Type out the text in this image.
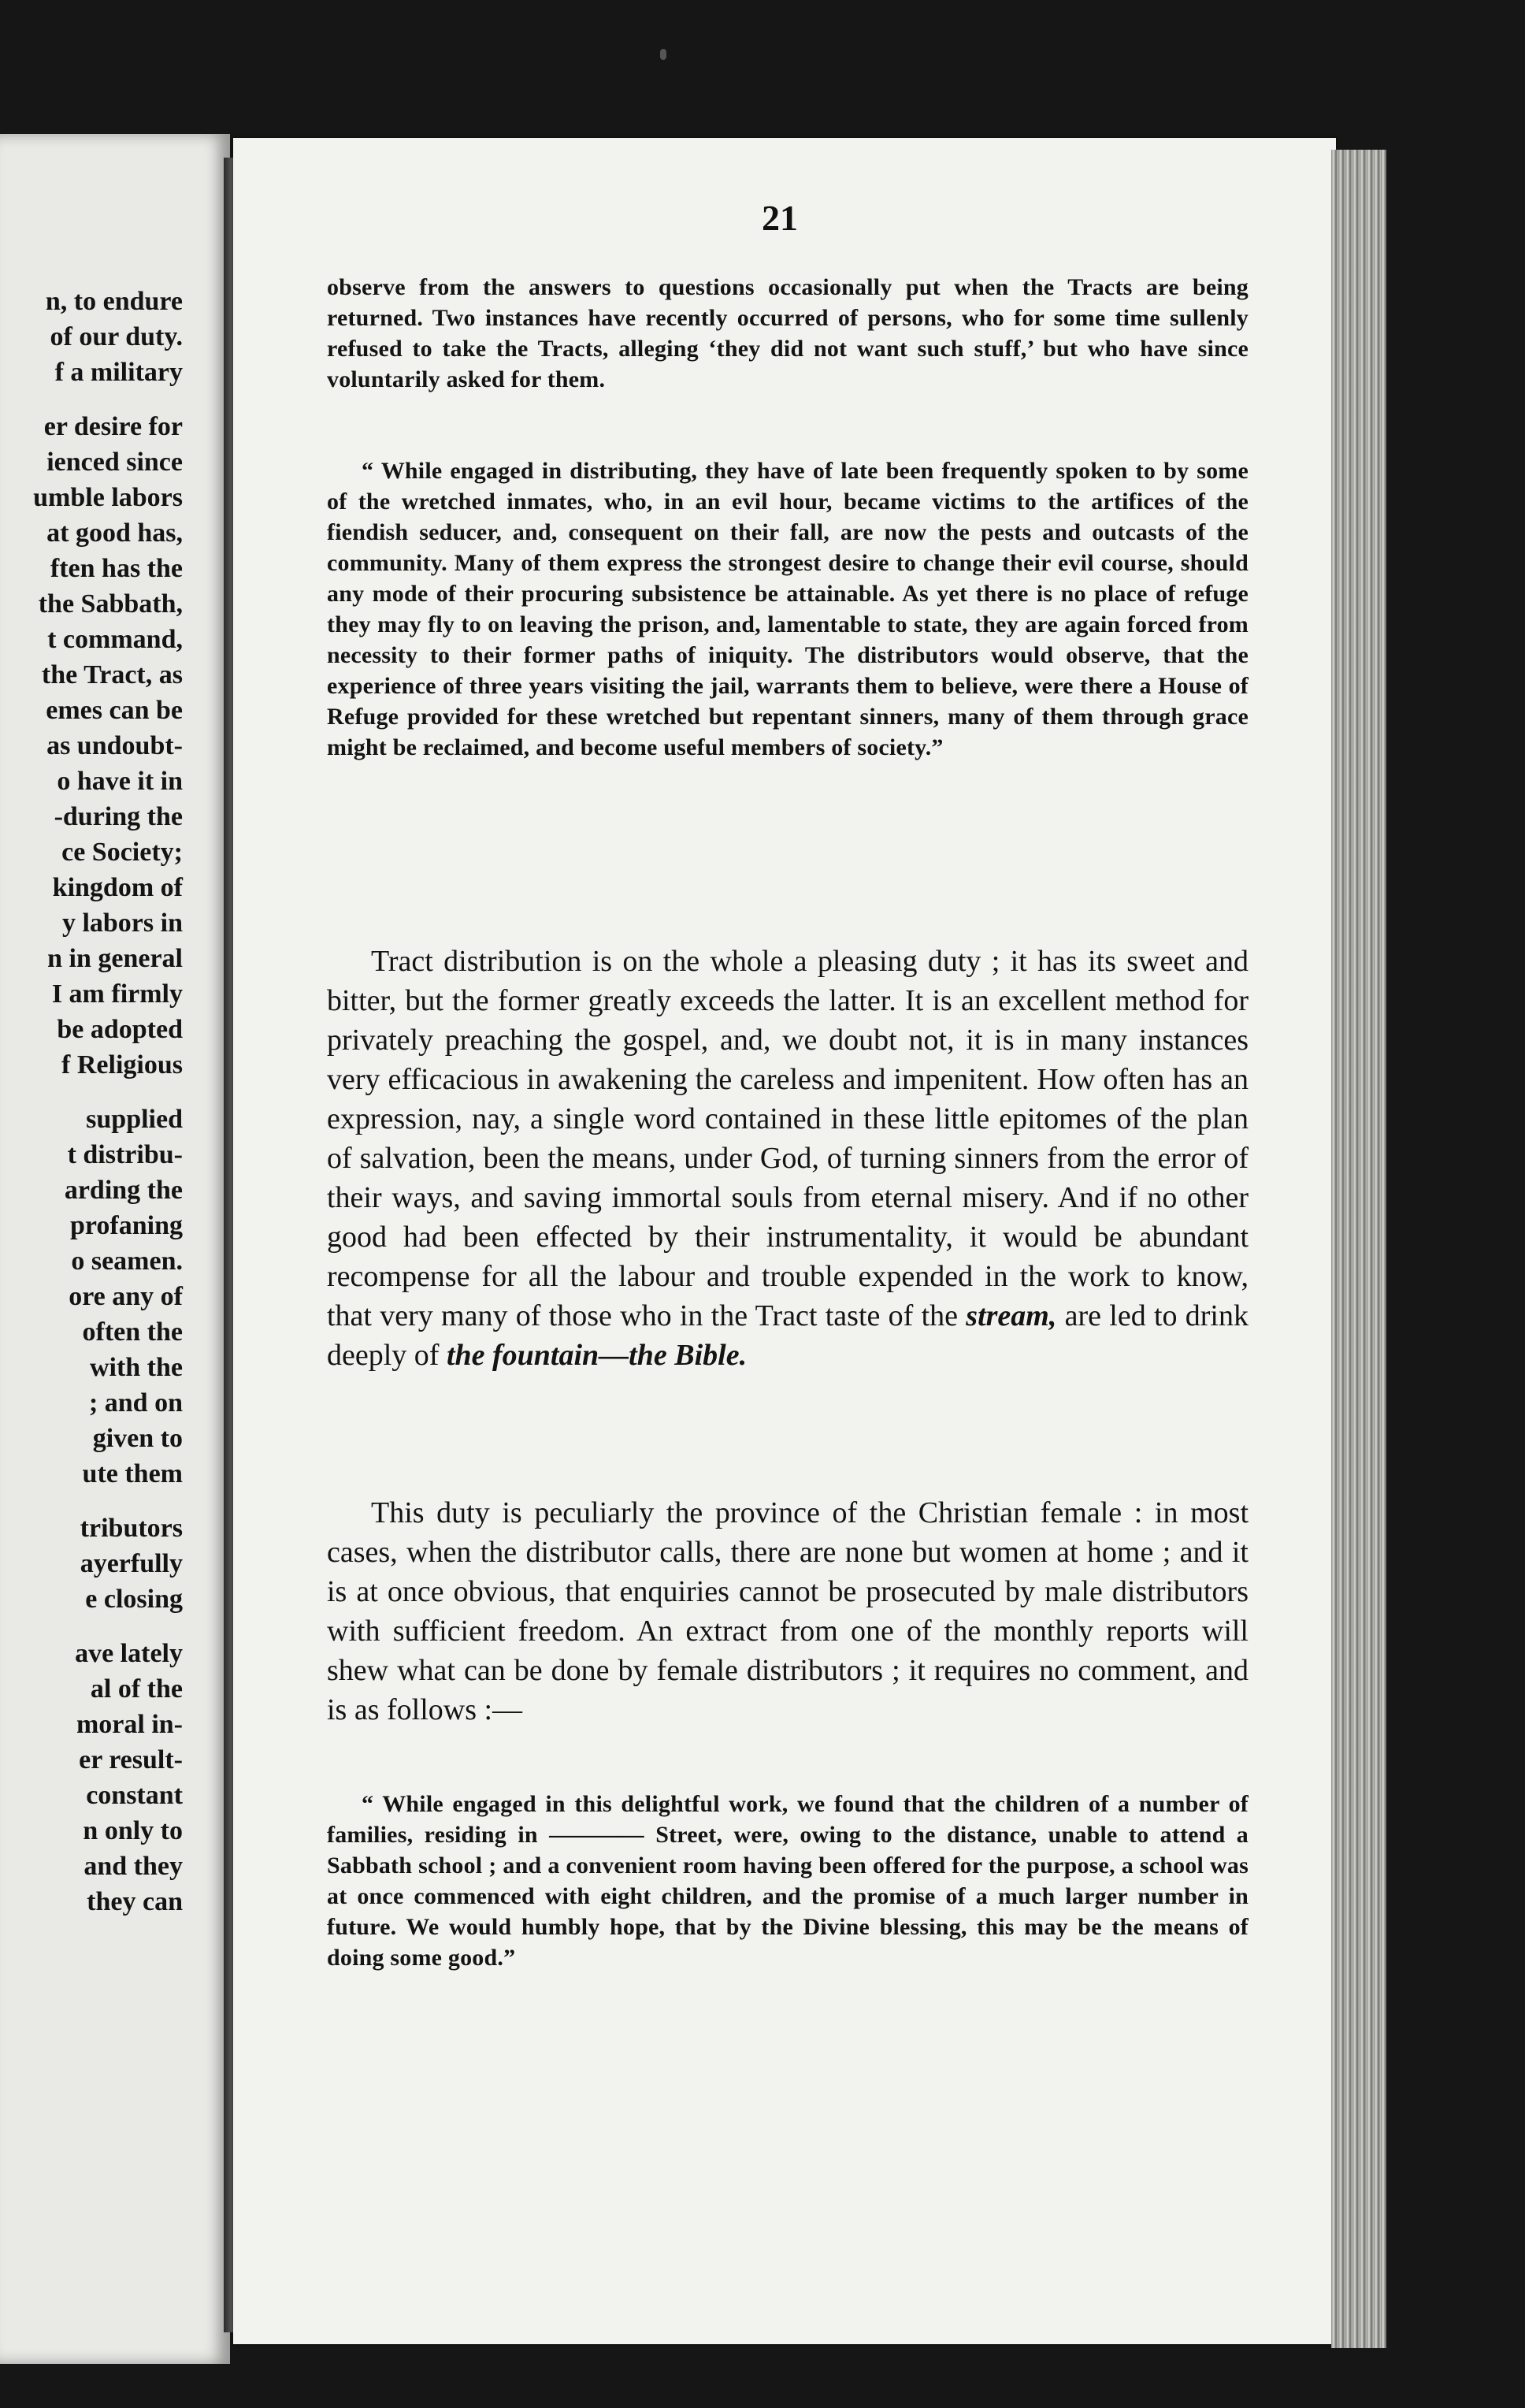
n, to endure
of our duty.
f a military

er desire for
ienced since
umble labors
at good has,
ften has the
the Sabbath,
t command,
the Tract, as
emes can be
as undoubt-
o have it in
-during the
ce Society;
kingdom of
y labors in
n in general
I am firmly
be adopted
f Religious

supplied
t distribu-
arding the
profaning
o seamen.
ore any of
often the
with the
; and on
given to
ute them

tributors
ayerfully
e closing

ave lately
al of the
moral in-
er result-
constant
n only to
and they
they can
21

observe from the answers to questions occasionally put when the Tracts are being returned. Two instances have recently occurred of persons, who for some time sullenly refused to take the Tracts, alleging ‘they did not want such stuff,’ but who have since voluntarily asked for them.

“ While engaged in distributing, they have of late been frequently spoken to by some of the wretched inmates, who, in an evil hour, became victims to the artifices of the fiendish seducer, and, consequent on their fall, are now the pests and outcasts of the community. Many of them express the strongest desire to change their evil course, should any mode of their procuring subsistence be attainable. As yet there is no place of refuge they may fly to on leaving the prison, and, lamentable to state, they are again forced from necessity to their former paths of iniquity. The distributors would observe, that the experience of three years visiting the jail, warrants them to believe, were there a House of Refuge provided for these wretched but repentant sinners, many of them through grace might be reclaimed, and become useful members of society.”

Tract distribution is on the whole a pleasing duty ; it has its sweet and bitter, but the former greatly exceeds the latter. It is an excellent method for privately preaching the gospel, and, we doubt not, it is in many instances very efficacious in awakening the careless and impenitent. How often has an expression, nay, a single word contained in these little epitomes of the plan of salvation, been the means, under God, of turning sinners from the error of their ways, and saving immortal souls from eternal misery. And if no other good had been effected by their instrumentality, it would be abundant recompense for all the labour and trouble expended in the work to know, that very many of those who in the Tract taste of the stream, are led to drink deeply of the fountain—the Bible.

This duty is peculiarly the province of the Christian female : in most cases, when the distributor calls, there are none but women at home ; and it is at once obvious, that enquiries cannot be prosecuted by male distributors with sufficient freedom. An extract from one of the monthly reports will shew what can be done by female distributors ; it requires no comment, and is as follows :—

“ While engaged in this delightful work, we found that the children of a number of families, residing in ———— Street, were, owing to the distance, unable to attend a Sabbath school ; and a convenient room having been offered for the purpose, a school was at once commenced with eight children, and the promise of a much larger number in future. We would humbly hope, that by the Divine blessing, this may be the means of doing some good.”
